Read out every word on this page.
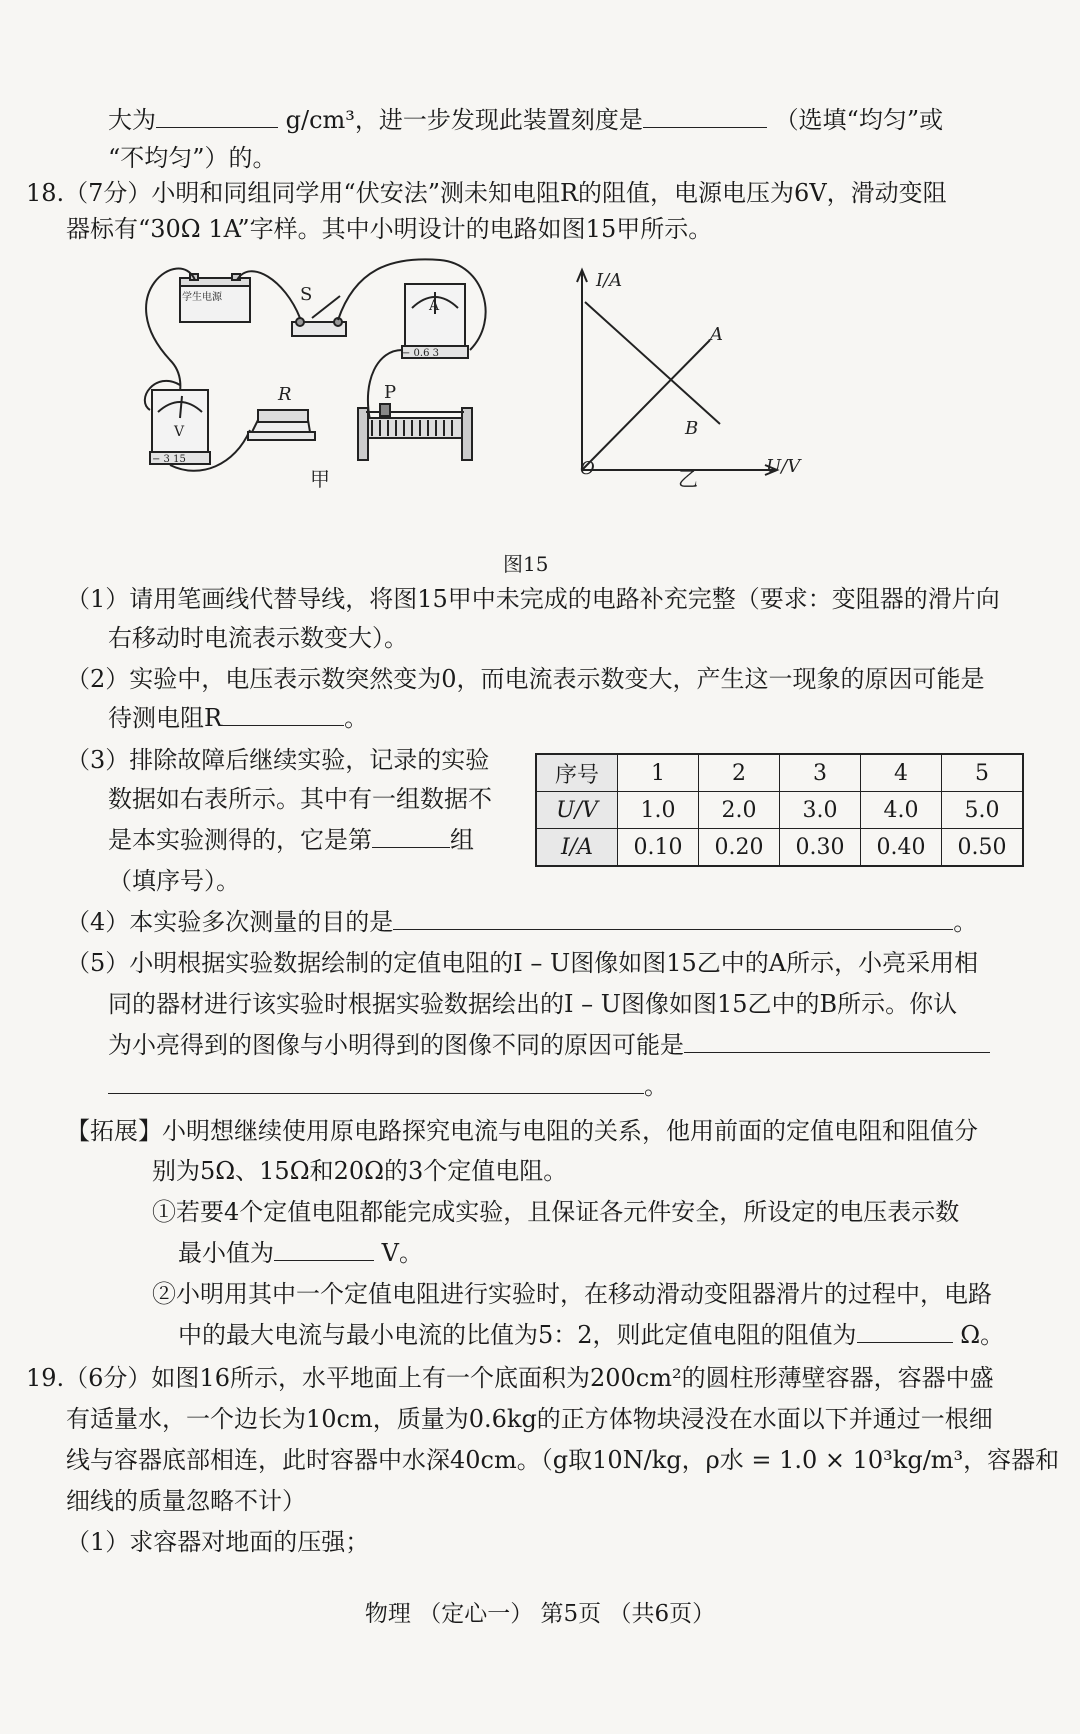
大为	g/cm³，进一步发现此装置刻度是	（选填“均匀”或
“不均匀”）的。
18.（7分）小明和同组同学用“伏安法”测未知电阻R的阻值，电源电压为6V，滑动变阻
器标有“30Ω 1A”字样。其中小明设计的电路如图15甲所示。
学生电源	S
A
− 0.6 3
V
− 3 15
R	P
甲
I/A
U/V
O
A
B
乙
图15
（1）请用笔画线代替导线，将图15甲中未完成的电路补充完整（要求：变阻器的滑片向
右移动时电流表示数变大）。
（2）实验中，电压表示数突然变为0，而电流表示数变大，产生这一现象的原因可能是
待测电阻R	。
（3）排除故障后继续实验，记录的实验
数据如右表所示。其中有一组数据不
是本实验测得的，它是第	组
（填序号）。
序号	1	2	3	4	5
U/V	1.0	2.0	3.0	4.0	5.0
I/A	0.10	0.20	0.30	0.40	0.50
（4）本实验多次测量的目的是	。
（5）小明根据实验数据绘制的定值电阻的I – U图像如图15乙中的A所示，小亮采用相
同的器材进行该实验时根据实验数据绘出的I – U图像如图15乙中的B所示。你认
为小亮得到的图像与小明得到的图像不同的原因可能是
。
【拓展】小明想继续使用原电路探究电流与电阻的关系，他用前面的定值电阻和阻值分
别为5Ω、15Ω和20Ω的3个定值电阻。
①若要4个定值电阻都能完成实验，且保证各元件安全，所设定的电压表示数
最小值为	V。
②小明用其中一个定值电阻进行实验时，在移动滑动变阻器滑片的过程中，电路
中的最大电流与最小电流的比值为5：2，则此定值电阻的阻值为	Ω。
19.（6分）如图16所示，水平地面上有一个底面积为200cm²的圆柱形薄壁容器，容器中盛
有适量水，一个边长为10cm，质量为0.6kg的正方体物块浸没在水面以下并通过一根细
线与容器底部相连，此时容器中水深40cm。（g取10N/kg，ρ水 = 1.0 × 10³kg/m³，容器和
细线的质量忽略不计）
（1）求容器对地面的压强；
物理 （定心一） 第5页 （共6页）
